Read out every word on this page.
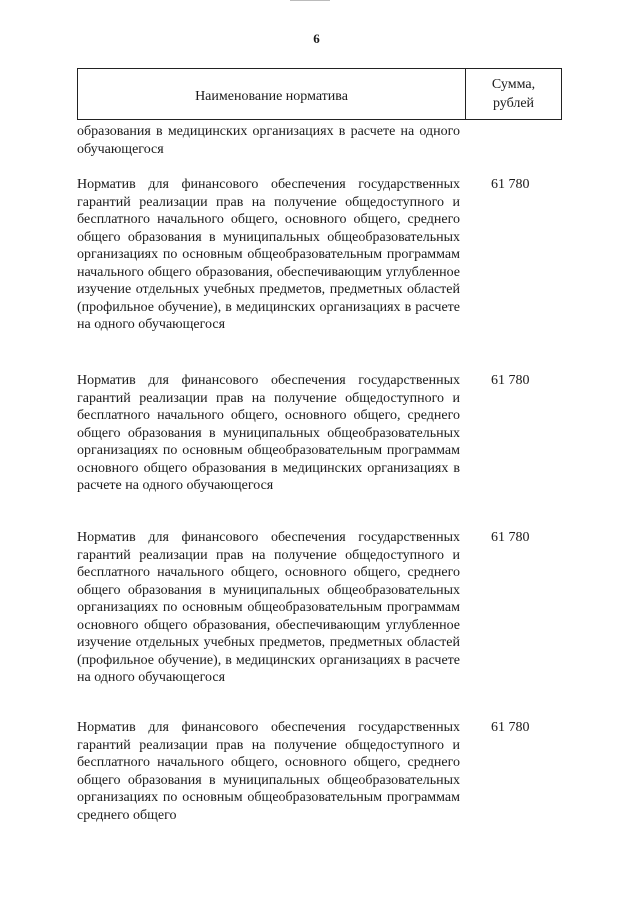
6
Наименование норматива
Сумма,
рублей
образования в медицинских организациях в расчете на одного обучающегося
Норматив для финансового обеспечения государственных гарантий реализации прав на получение общедоступного и бесплатного начального общего, основного общего, среднего общего образования в муниципальных общеобразовательных организациях по основным общеобразовательным программам начального общего образования, обеспечивающим углубленное изучение отдельных учебных предметов, предметных областей (профильное обучение), в медицинских организациях в расчете на одного обучающегося
61 780
Норматив для финансового обеспечения государственных гарантий реализации прав на получение общедоступного и бесплатного начального общего, основного общего, среднего общего образования в муниципальных общеобразовательных организациях по основным общеобразовательным программам основного общего образования в медицинских организациях в расчете на одного обучающегося
61 780
Норматив для финансового обеспечения государственных гарантий реализации прав на получение общедоступного и бесплатного начального общего, основного общего, среднего общего образования в муниципальных общеобразовательных организациях по основным общеобразовательным программам основного общего образования, обеспечивающим углубленное изучение отдельных учебных предметов, предметных областей (профильное обучение), в медицинских организациях в расчете на одного обучающегося
61 780
Норматив для финансового обеспечения государственных гарантий реализации прав на получение общедоступного и бесплатного начального общего, основного общего, среднего общего образования в муниципальных общеобразовательных организациях по основным общеобразовательным программам среднего общего
61 780
